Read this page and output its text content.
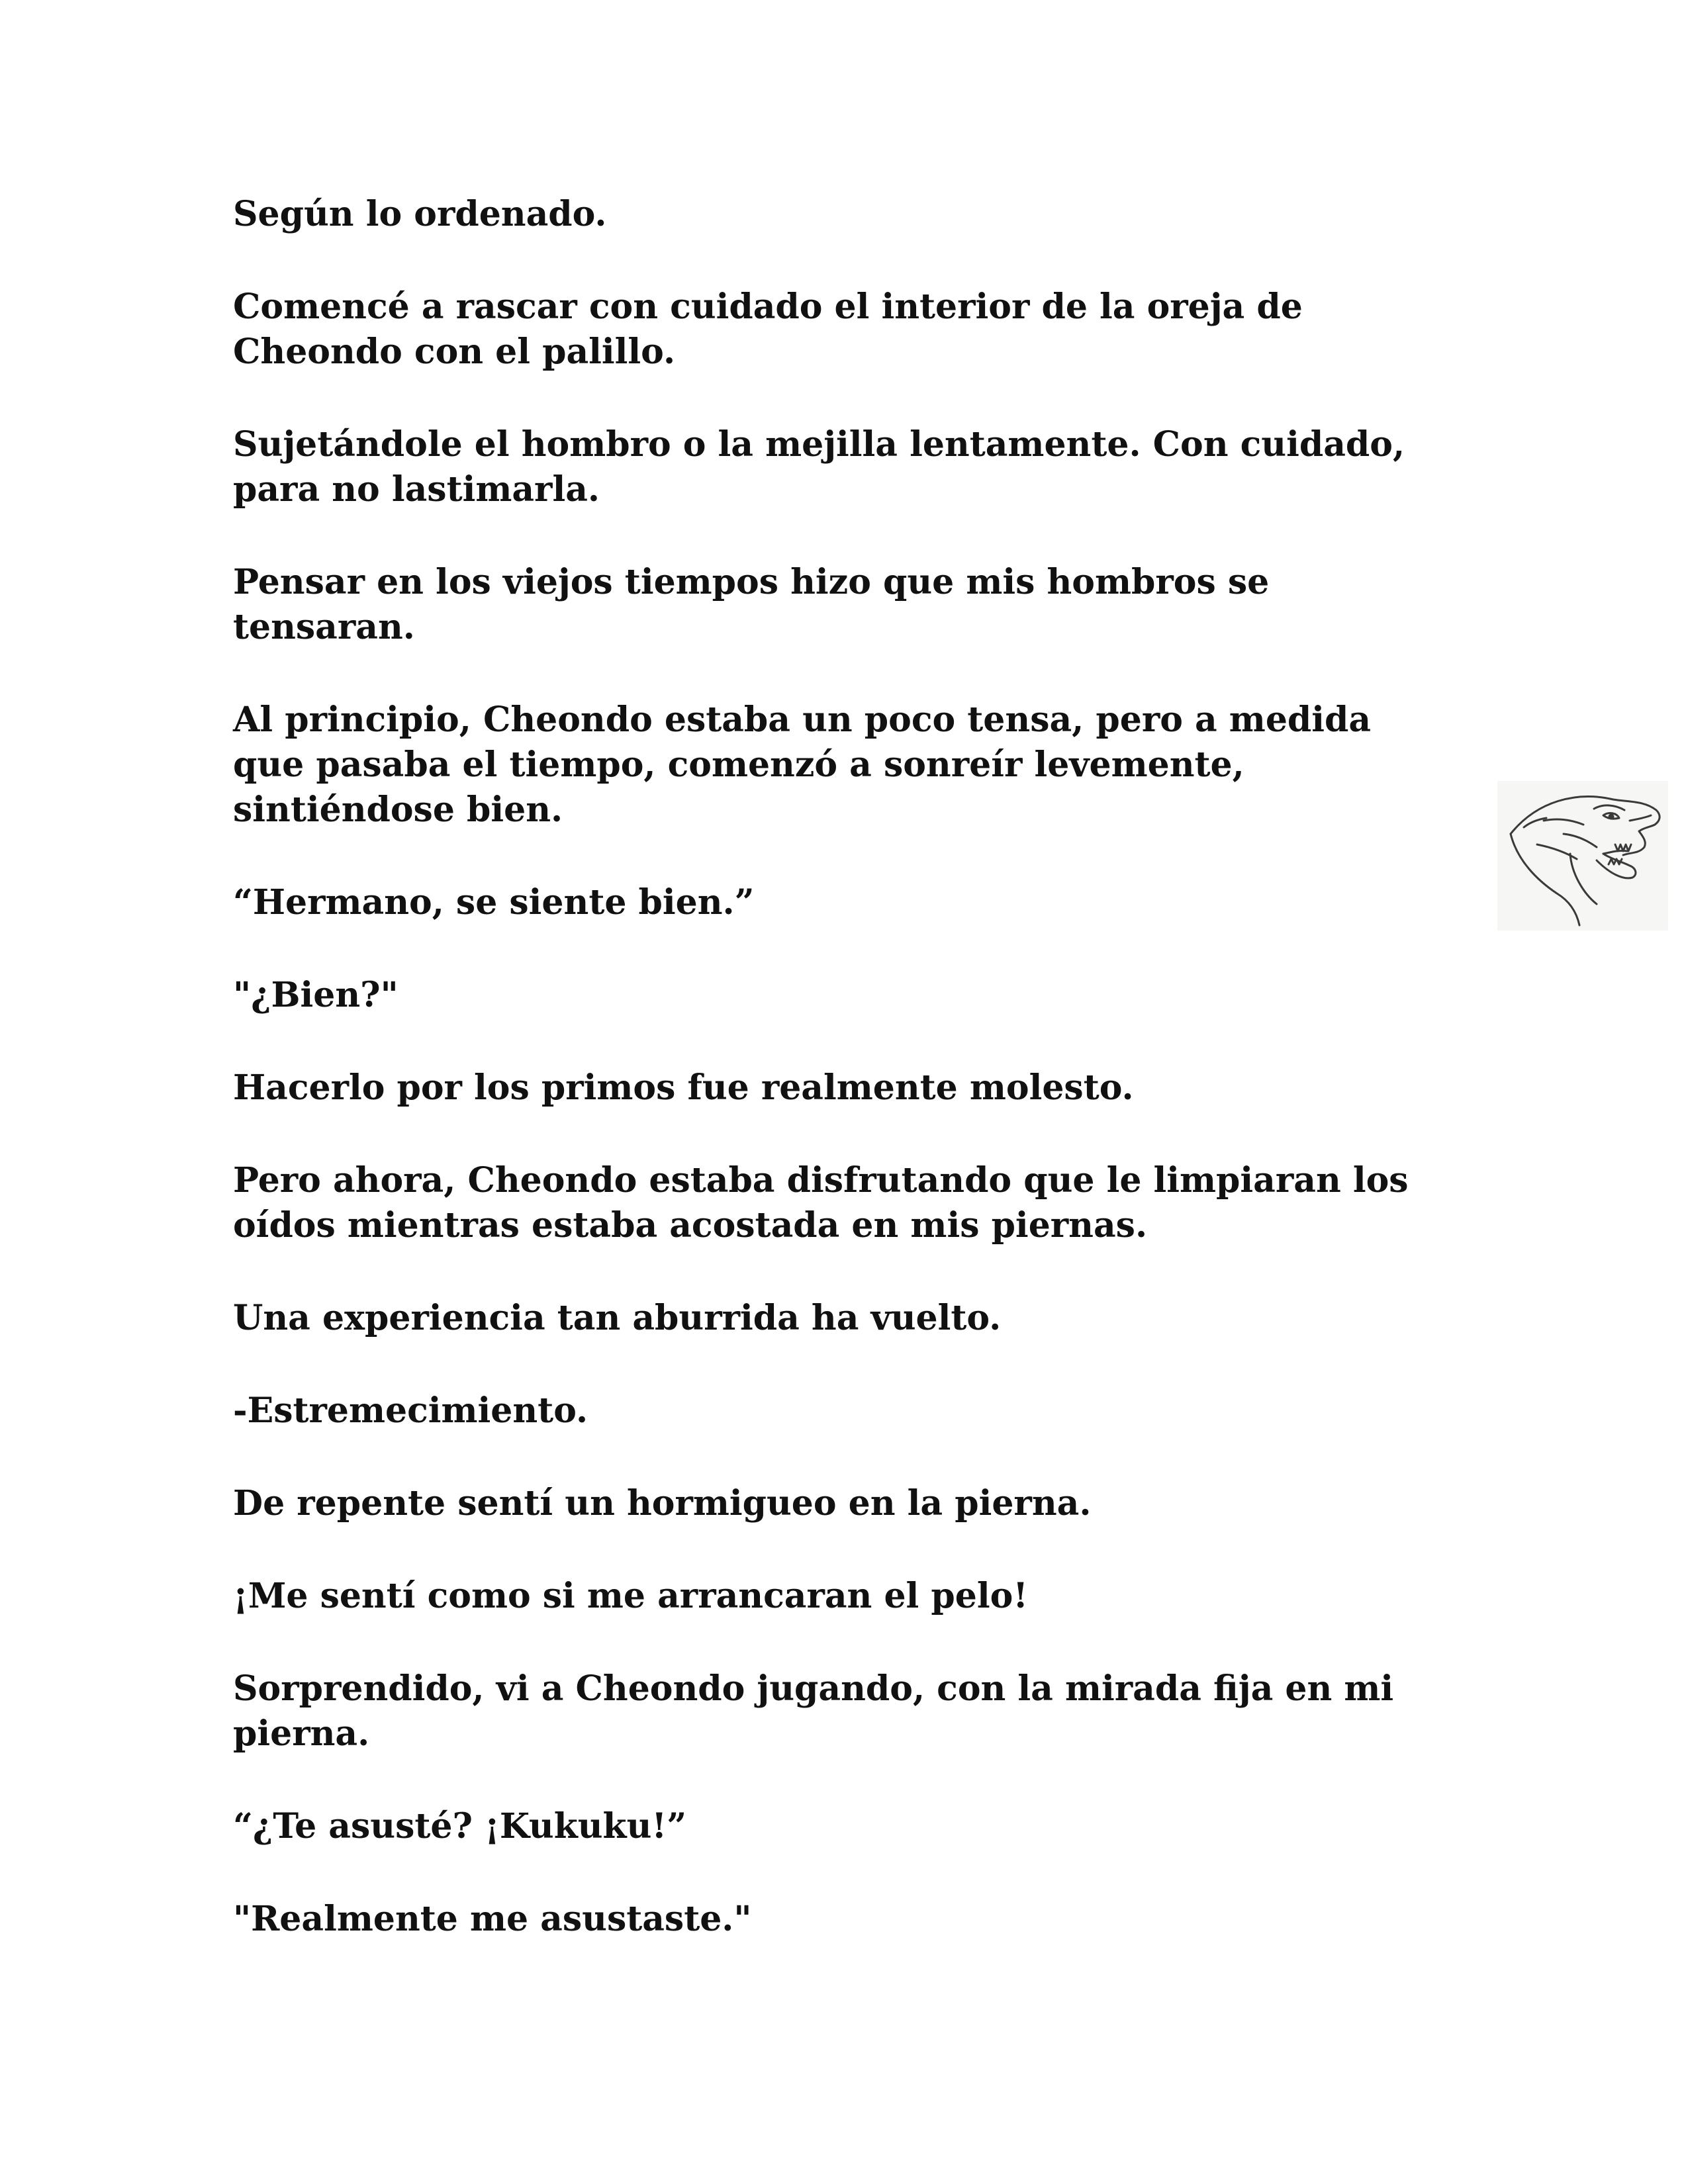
Según lo ordenado.

Comencé a rascar con cuidado el interior de la oreja de
Cheondo con el palillo.

Sujetándole el hombro o la mejilla lentamente. Con cuidado,
para no lastimarla.

Pensar en los viejos tiempos hizo que mis hombros se
tensaran.

Al principio, Cheondo estaba un poco tensa, pero a medida
que pasaba el tiempo, comenzó a sonreír levemente,
sintiéndose bien.

“Hermano, se siente bien.”

"¿Bien?"

Hacerlo por los primos fue realmente molesto.

Pero ahora, Cheondo estaba disfrutando que le limpiaran los
oídos mientras estaba acostada en mis piernas.

Una experiencia tan aburrida ha vuelto.

-Estremecimiento.

De repente sentí un hormigueo en la pierna.

¡Me sentí como si me arrancaran el pelo!

Sorprendido, vi a Cheondo jugando, con la mirada fija en mi
pierna.

“¿Te asusté? ¡Kukuku!”

"Realmente me asustaste."
